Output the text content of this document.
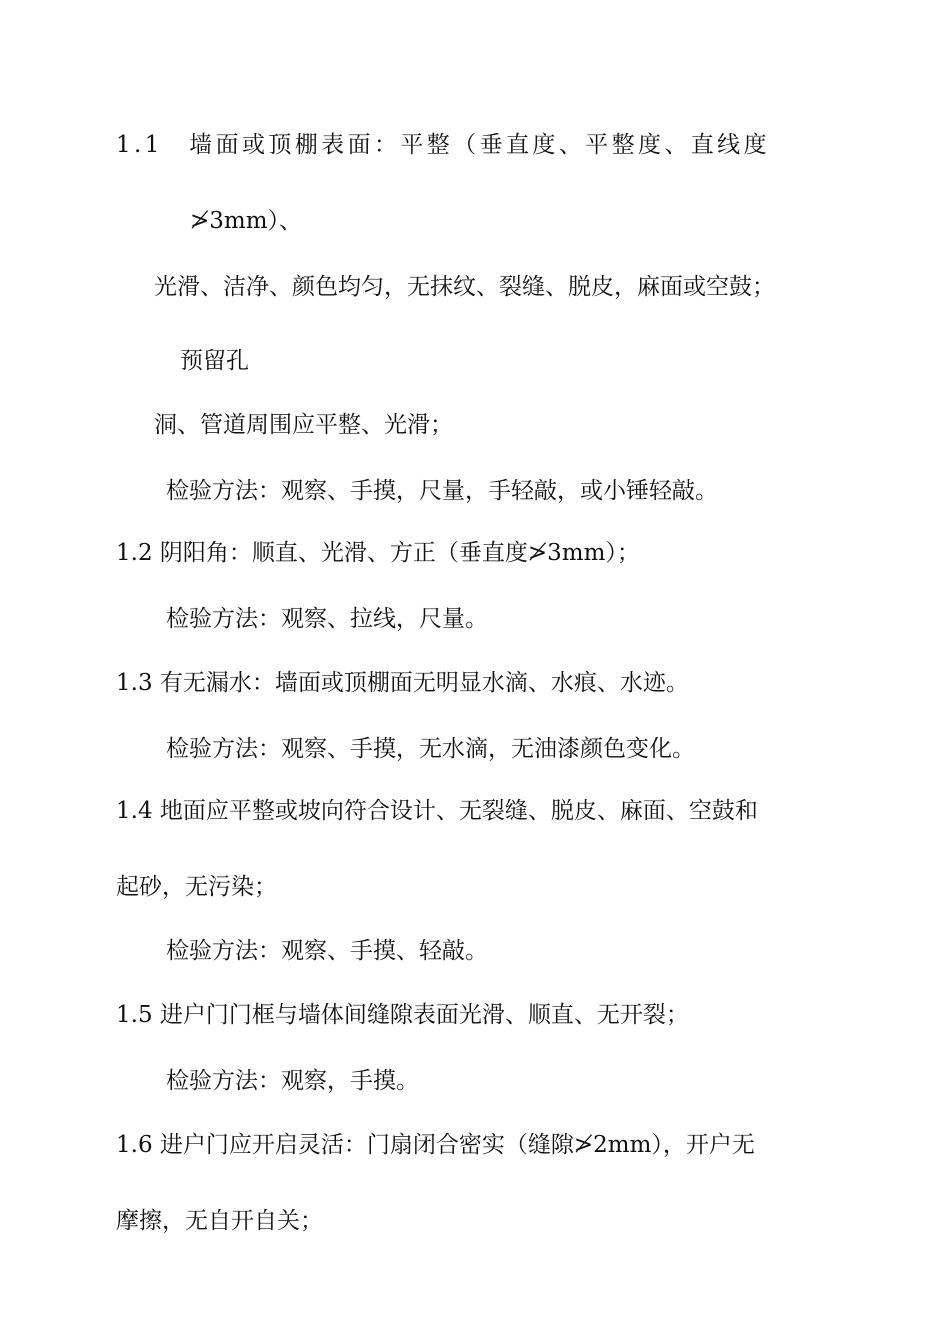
1.1　墙面或顶棚表面：平整（垂直度、平整度、直线度
≯3mm）、
光滑、洁净、颜色均匀，无抹纹、裂缝、脱皮，麻面或空鼓；
预留孔
洞、管道周围应平整、光滑；
检验方法：观察、手摸，尺量，手轻敲，或小锤轻敲。
1.2 阴阳角：顺直、光滑、方正（垂直度≯3mm）；
检验方法：观察、拉线，尺量。
1.3 有无漏水：墙面或顶棚面无明显水滴、水痕、水迹。
检验方法：观察、手摸，无水滴，无油漆颜色变化。
1.4 地面应平整或坡向符合设计、无裂缝、脱皮、麻面、空鼓和
起砂，无污染；
检验方法：观察、手摸、轻敲。
1.5 进户门门框与墙体间缝隙表面光滑、顺直、无开裂；
检验方法：观察，手摸。
1.6 进户门应开启灵活：门扇闭合密实（缝隙≯2mm），开户无
摩擦，无自开自关；
